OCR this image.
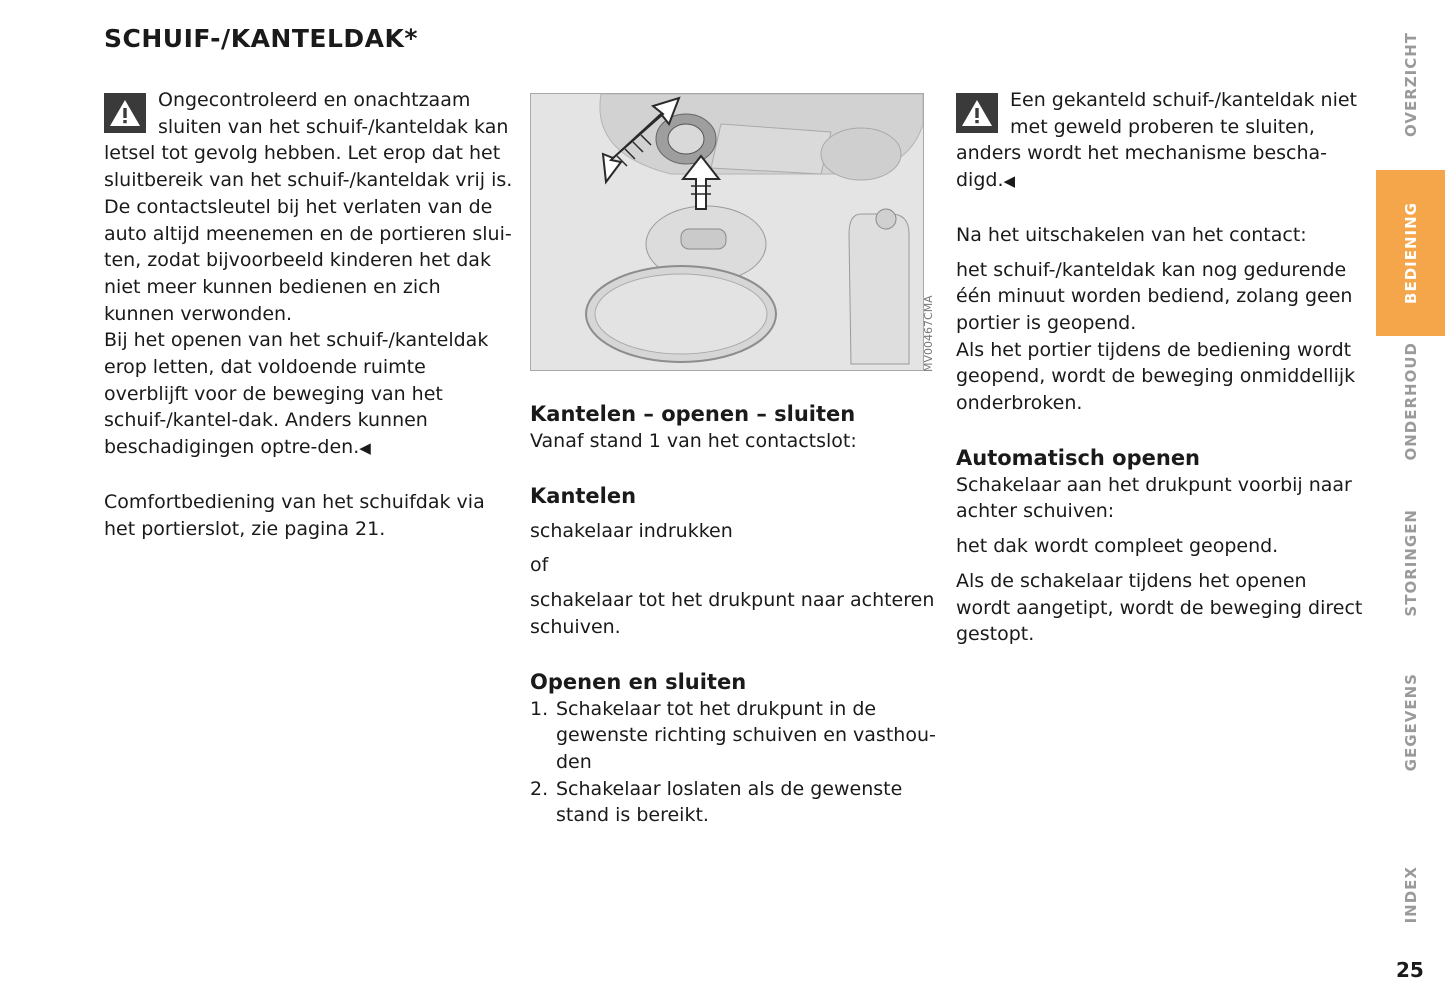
SCHUIF-/KANTELDAK*

Ongecontroleerd en onachtzaam sluiten van het schuif-/kanteldak kan letsel tot gevolg hebben. Let erop dat het sluitbereik van het schuif-/kanteldak vrij is. De contactsleutel bij het verlaten van de auto altijd meenemen en de portieren slui-ten, zodat bijvoorbeeld kinderen het dak niet meer kunnen bedienen en zich kunnen verwonden.

Bij het openen van het schuif-/kanteldak erop letten, dat voldoende ruimte overblijft voor de beweging van het schuif-/kantel-dak. Anders kunnen beschadigingen optre-den.◀

Comfortbediening van het schuifdak via het portierslot, zie pagina 21.

MV00467CMA
Kantelen – openen – sluiten

Vanaf stand 1 van het contactslot:

Kantelen

schakelaar indrukken

of

schakelaar tot het drukpunt naar achteren schuiven.

Openen en sluiten
1. Schakelaar tot het drukpunt in de gewenste richting schuiven en vasthou-den
2. Schakelaar loslaten als de gewenste stand is bereikt.

Een gekanteld schuif-/kanteldak niet met geweld proberen te sluiten, anders wordt het mechanisme bescha-digd.◀

Na het uitschakelen van het contact:

het schuif-/kanteldak kan nog gedurende één minuut worden bediend, zolang geen portier is geopend.

Als het portier tijdens de bediening wordt geopend, wordt de beweging onmiddellijk onderbroken.

Automatisch openen

Schakelaar aan het drukpunt voorbij naar achter schuiven:

het dak wordt compleet geopend.

Als de schakelaar tijdens het openen wordt aangetipt, wordt de beweging direct gestopt.

OVERZICHT
BEDIENING
ONDERHOUD
STORINGEN
GEGEVENS
INDEX
25
